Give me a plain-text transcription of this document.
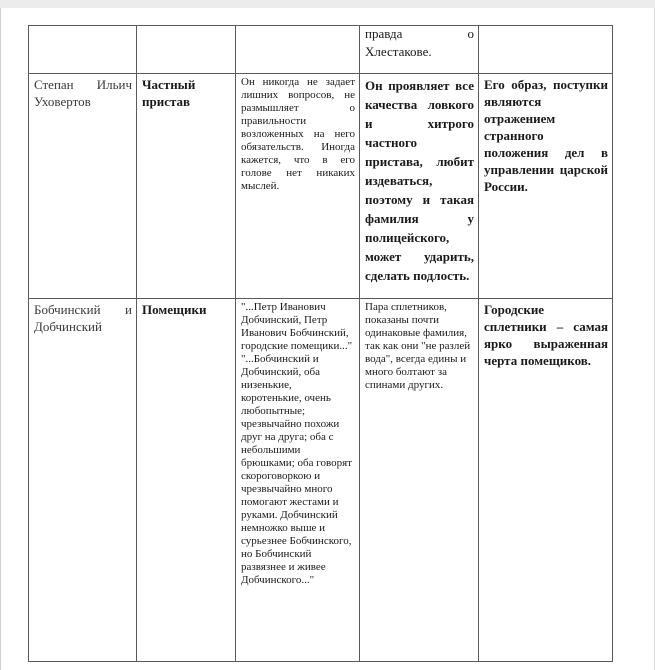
			правда о
Хлестакове.	

Степан Ильич Уховертов	Частный пристав	Он никогда не задает лишних вопросов, не размышляет о правильности возложенных на него обязательств. Иногда кажется, что в его голове нет никаких мыслей.	Он проявляет все качества ловкого и хитрого частного пристава, любит издеваться, поэтому и такая фамилия у полицейского, может ударить, сделать подлость.	Его образ, поступки являются отражением странного положения дел в управлении царской России.

Бобчинский и Добчинский	Помещики	"...Петр Иванович Добчинский, Петр Иванович Бобчинский, городские помещики..."
"...Бобчинский и Добчинский, оба низенькие, коротенькие, очень любопытные; чрезвычайно похожи друг на друга; оба с небольшими брюшками; оба говорят скороговоркою и чрезвычайно много помогают жестами и руками. Добчинский немножко выше и сурьезнее Бобчинского, но Бобчинский развязнее и живее Добчинского..."	Пара сплетников, показаны почти одинаковые фамилия, так как они "не разлей вода", всегда едины и много болтают за спинами других.	Городские сплетники – самая ярко выраженная черта помещиков.
